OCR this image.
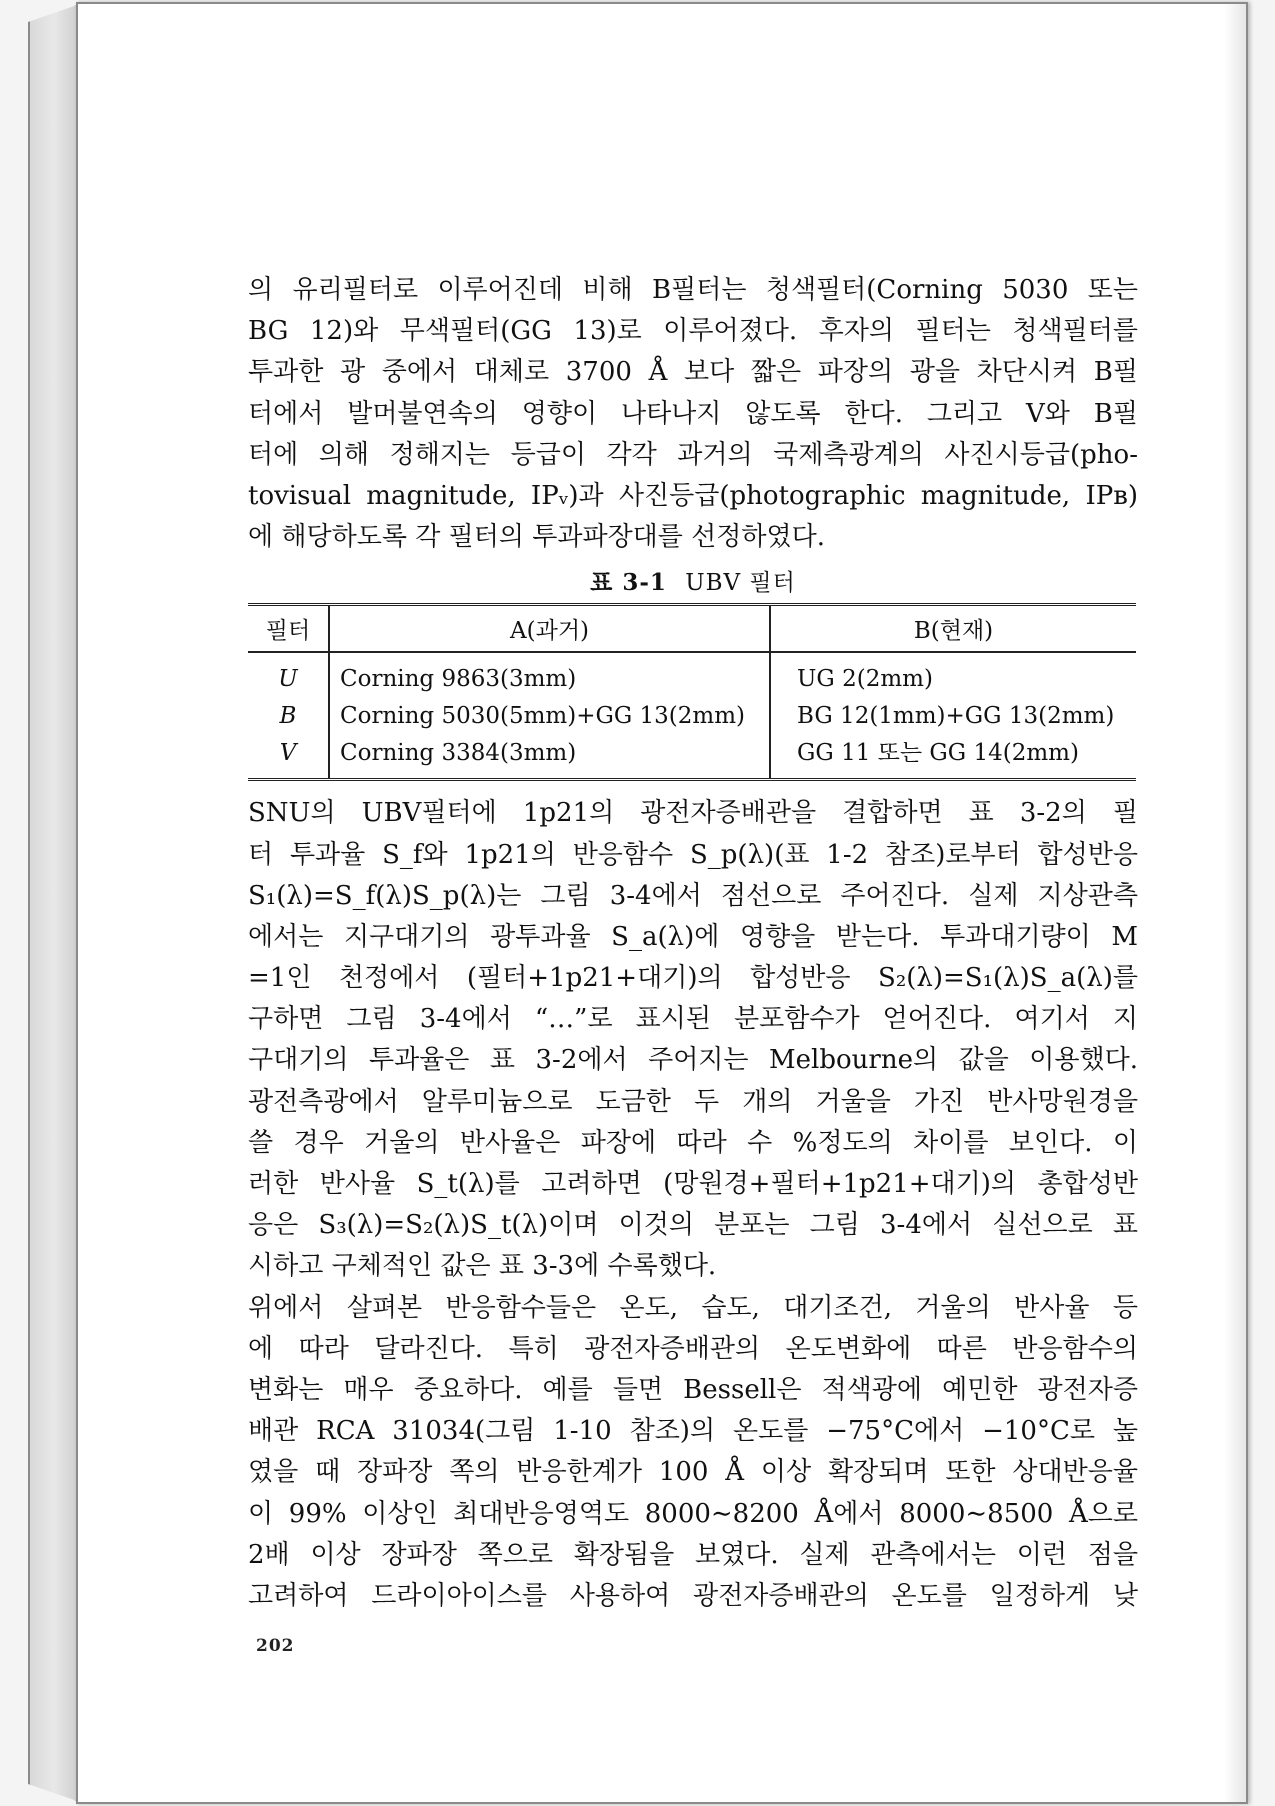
의 유리필터로 이루어진데 비해 B필터는 청색필터(Corning 5030 또는
BG 12)와 무색필터(GG 13)로 이루어졌다. 후자의 필터는 청색필터를
투과한 광 중에서 대체로 3700 Å 보다 짧은 파장의 광을 차단시켜 B필
터에서 발머불연속의 영향이 나타나지 않도록 한다. 그리고 V와 B필
터에 의해 정해지는 등급이 각각 과거의 국제측광계의 사진시등급(pho-
tovisual magnitude, IPᵥ)과 사진등급(photographic magnitude, IPʙ)
에 해당하도록 각 필터의 투과파장대를 선정하였다.
표 3-1 UBV 필터
필터	A(과거)	B(현재)
U	Corning 9863(3mm)	UG 2(2mm)
B	Corning 5030(5mm)+GG 13(2mm)	BG 12(1mm)+GG 13(2mm)
V	Corning 3384(3mm)	GG 11 또는 GG 14(2mm)
SNU의 UBV필터에 1p21의 광전자증배관을 결합하면 표 3-2의 필
터 투과율 S_f와 1p21의 반응함수 S_p(λ)(표 1-2 참조)로부터 합성반응
S₁(λ)=S_f(λ)S_p(λ)는 그림 3-4에서 점선으로 주어진다. 실제 지상관측
에서는 지구대기의 광투과율 S_a(λ)에 영향을 받는다. 투과대기량이 M
=1인 천정에서 (필터+1p21+대기)의 합성반응 S₂(λ)=S₁(λ)S_a(λ)를
구하면 그림 3-4에서 “…”로 표시된 분포함수가 얻어진다. 여기서 지
구대기의 투과율은 표 3-2에서 주어지는 Melbourne의 값을 이용했다.
광전측광에서 알루미늄으로 도금한 두 개의 거울을 가진 반사망원경을
쓸 경우 거울의 반사율은 파장에 따라 수 %정도의 차이를 보인다. 이
러한 반사율 S_t(λ)를 고려하면 (망원경+필터+1p21+대기)의 총합성반
응은 S₃(λ)=S₂(λ)S_t(λ)이며 이것의 분포는 그림 3-4에서 실선으로 표
시하고 구체적인 값은 표 3-3에 수록했다.
위에서 살펴본 반응함수들은 온도, 습도, 대기조건, 거울의 반사율 등
에 따라 달라진다. 특히 광전자증배관의 온도변화에 따른 반응함수의
변화는 매우 중요하다. 예를 들면 Bessell은 적색광에 예민한 광전자증
배관 RCA 31034(그림 1-10 참조)의 온도를 −75°C에서 −10°C로 높
였을 때 장파장 쪽의 반응한계가 100 Å 이상 확장되며 또한 상대반응율
이 99% 이상인 최대반응영역도 8000∼8200 Å에서 8000∼8500 Å으로
2배 이상 장파장 쪽으로 확장됨을 보였다. 실제 관측에서는 이런 점을
고려하여 드라이아이스를 사용하여 광전자증배관의 온도를 일정하게 낮
202
